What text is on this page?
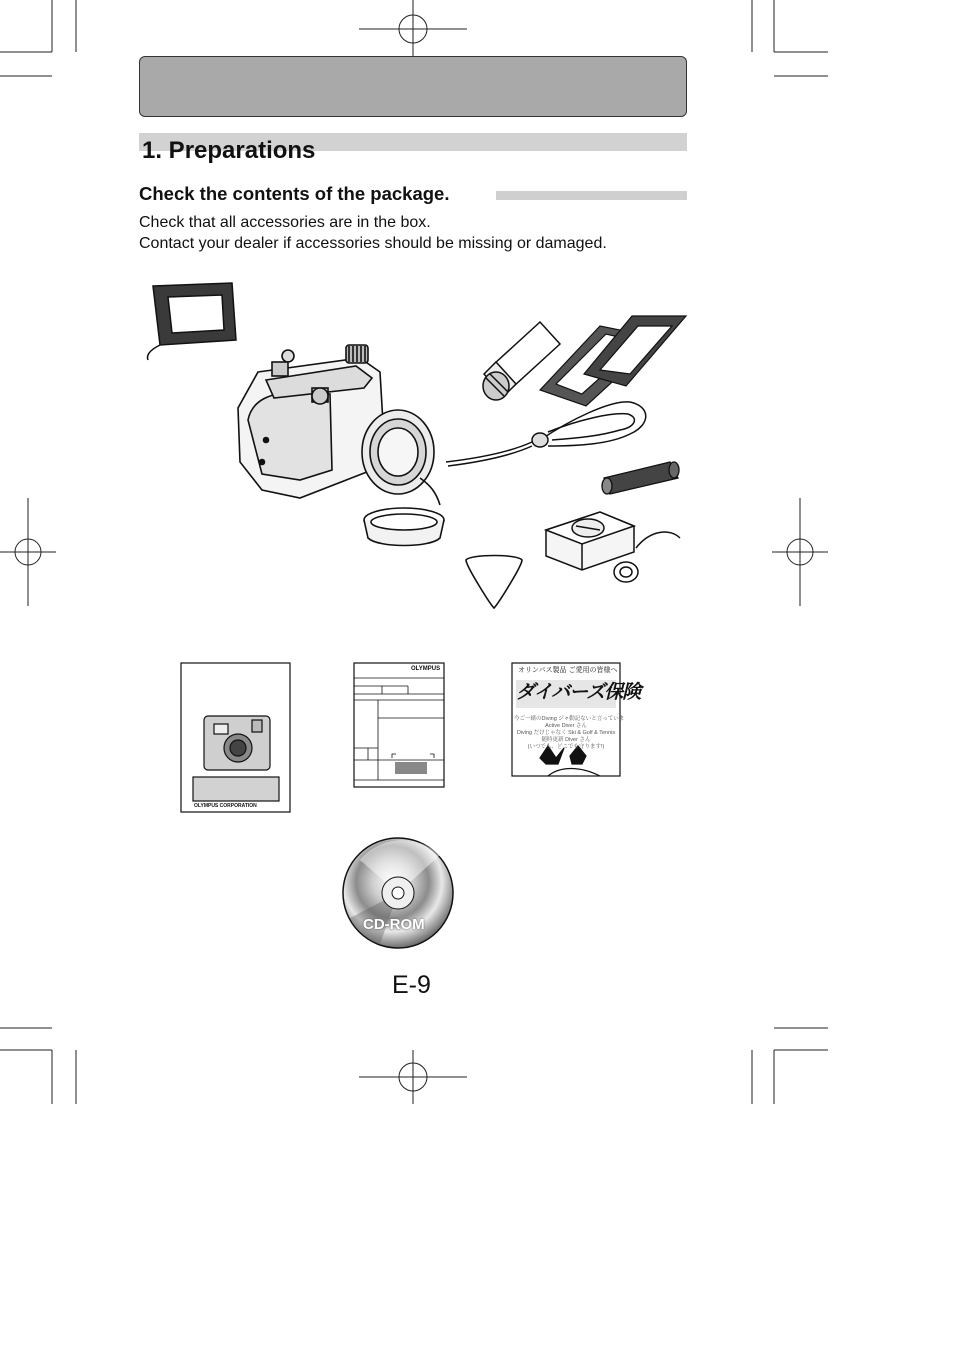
1. Preparations
Check the contents of the package.
Check that all accessories are in the box.
Contact your dealer if accessories should be missing or damaged.
OLYMPUS CORPORATION
OLYMPUS	オリンパス製品 ご愛用の皆様へ
ダイバーズ保険
今ご一緒のDiving ジャ動記ないと言っていま
Active Diver さん
Diving だけじゃなく Ski & Golf & Tennis
随時更新 Diver さん
(いつでも、どこでも守ります!)
CD-ROM
E-9
